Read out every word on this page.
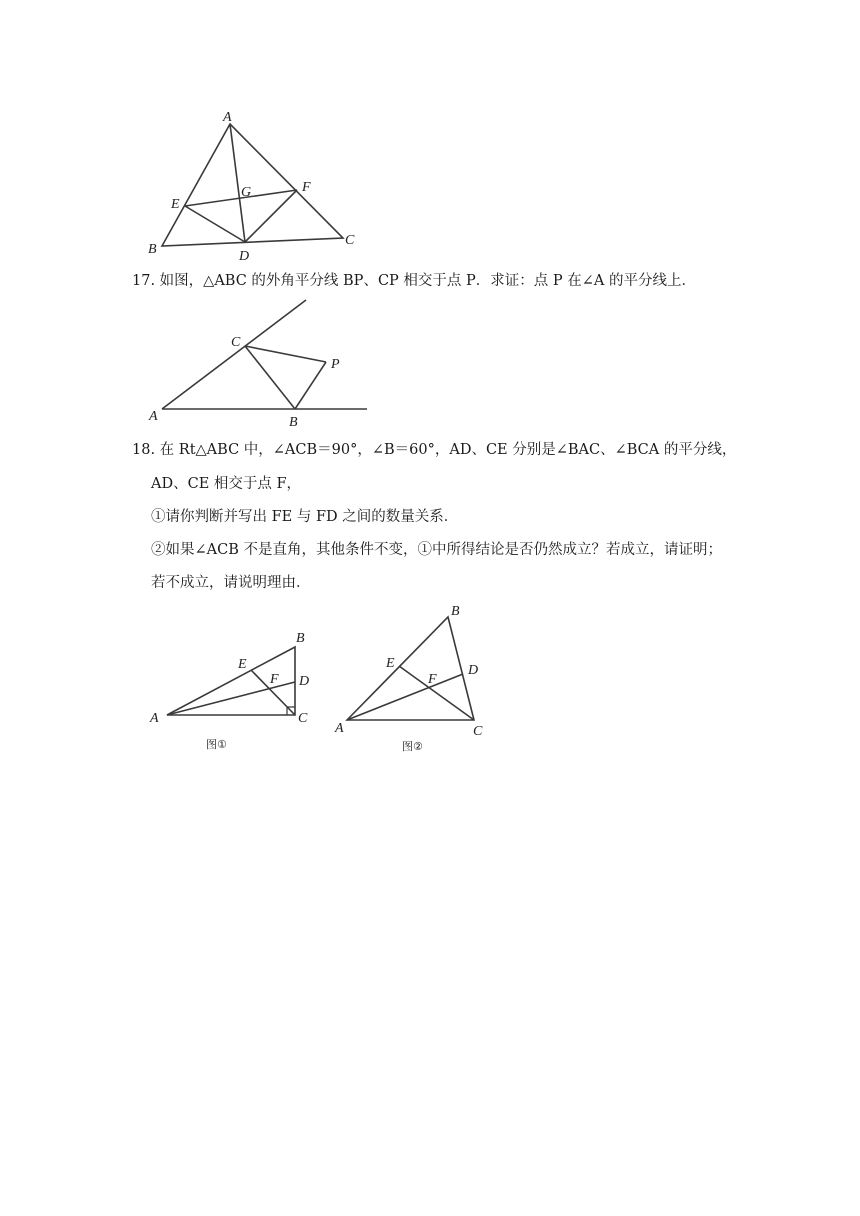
A
E
G	F
B	D
C
17. 如图，△ABC 的外角平分线 BP、CP 相交于点 P．求证：点 P 在∠A 的平分线上．
C
P
A	B
18. 在 Rt△ABC 中，∠ACB＝90°，∠B＝60°，AD、CE 分别是∠BAC、∠BCA 的平分线，
AD、CE 相交于点 F，
①请你判断并写出 FE 与 FD 之间的数量关系．
②如果∠ACB 不是直角，其他条件不变，①中所得结论是否仍然成立？若成立，请证明；
若不成立，请说明理由．
B
E
F D
A	C
图①
B
E	D
F
A	C
图②
